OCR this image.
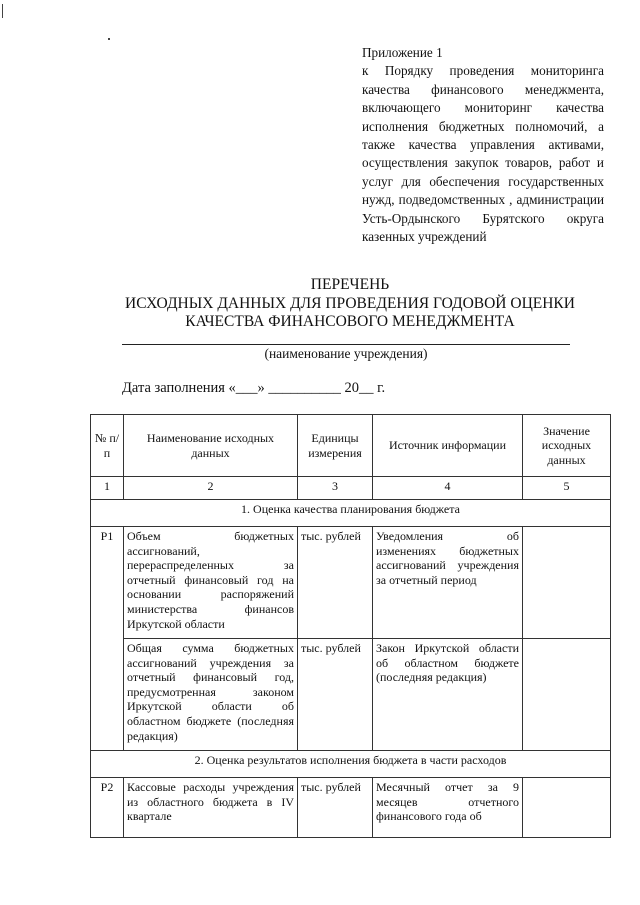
Приложение 1
к Порядку проведения мониторинга качества финансового менеджмента, включающего мониторинг качества исполнения бюджетных полномочий, а также качества управления активами, осуществления закупок товаров, работ и услуг для обеспечения государственных нужд, подведомственных , администрации Усть-Ордынского Бурятского округа казенных учреждений
ПЕРЕЧЕНЬ
ИСХОДНЫХ ДАННЫХ ДЛЯ ПРОВЕДЕНИЯ ГОДОВОЙ ОЦЕНКИ
КАЧЕСТВА ФИНАНСОВОГО МЕНЕДЖМЕНТА
(наименование учреждения)
Дата заполнения «___» __________ 20__ г.
№ п/п	Наименование исходных данных	Единицы измерения	Источник информации	Значение исходных данных
1	2	3	4	5
1. Оценка качества планирования бюджета				
Р1	Объем бюджетных ассигнований, перераспределенных за отчетный финансовый год на основании распоряжений министерства финансов Иркутской области	тыс. рублей	Уведомления об изменениях бюджетных ассигнований учреждения за отчетный период	
	Общая сумма бюджетных ассигнований учреждения за отчетный финансовый год, предусмотренная законом Иркутской области об областном бюджете (последняя редакция)	тыс. рублей	Закон Иркутской области об областном бюджете (последняя редакция)	
2. Оценка результатов исполнения бюджета в части расходов				
Р2	Кассовые расходы учреждения из областного бюджета в IV квартале	тыс. рублей	Месячный отчет за 9 месяцев отчетного финансового года об	
